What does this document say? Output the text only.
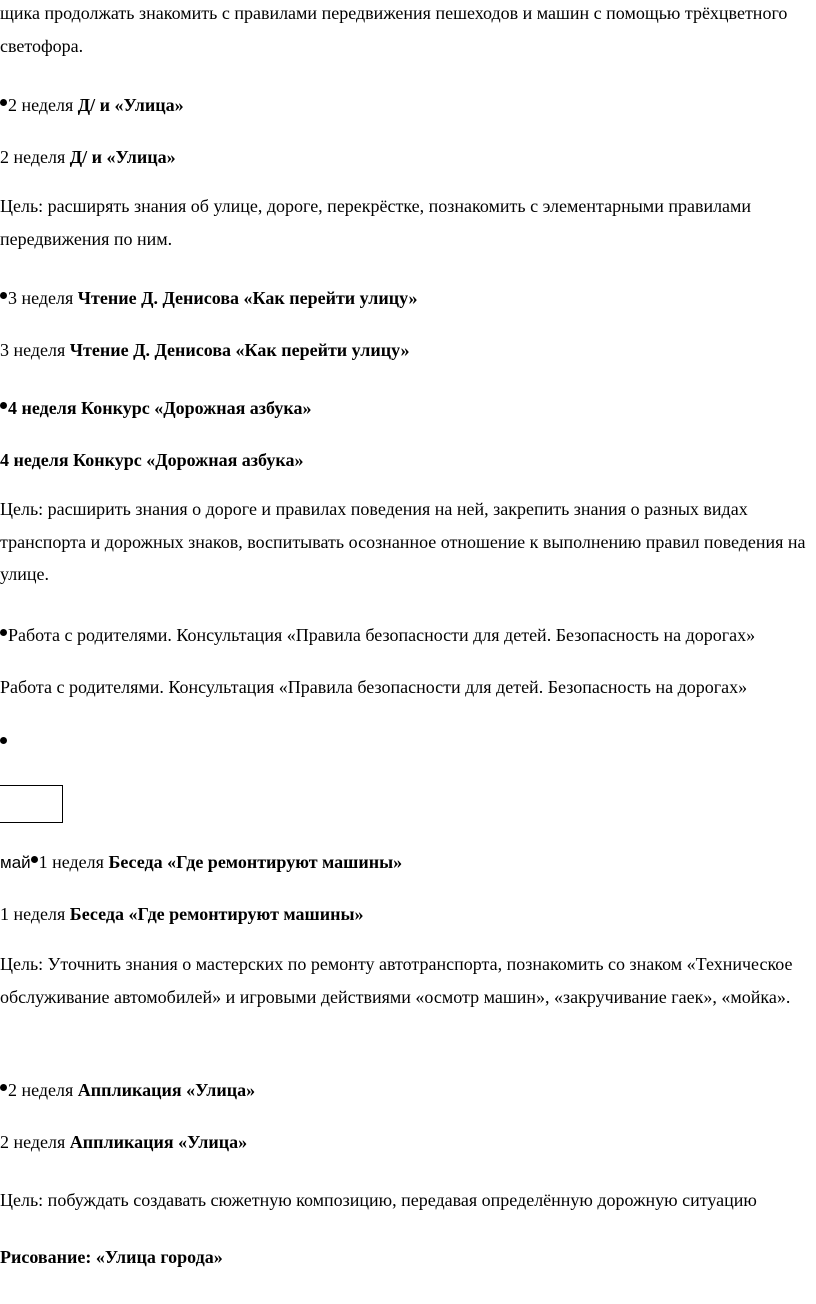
щика продолжать знакомить с правилами передвижения пешеходов и машин с помощью трёхцветного светофора.
2 неделя Д/ и «Улица»
2 неделя Д/ и «Улица»
Цель: расширять знания об улице, дороге, перекрёстке, познакомить с элементарными правилами передвижения по ним.
3 неделя Чтение Д. Денисова «Как перейти улицу»
3 неделя Чтение Д. Денисова «Как перейти улицу»
4 неделя Конкурс «Дорожная азбука»
4 неделя Конкурс «Дорожная азбука»
Цель: расширить знания о дороге и правилах поведения на ней, закрепить знания о разных видах транспорта и дорожных знаков, воспитывать осознанное отношение к выполнению правил поведения на улице.
Работа с родителями. Консультация «Правила безопасности для детей. Безопасность на дорогах»
Работа с родителями. Консультация «Правила безопасности для детей. Безопасность на дорогах»
май 1 неделя Беседа «Где ремонтируют машины»
1 неделя Беседа «Где ремонтируют машины»
Цель: Уточнить знания о мастерских по ремонту автотранспорта, познакомить со знаком «Техническое обслуживание автомобилей» и игровыми действиями «осмотр машин», «закручивание гаек», «мойка».
2 неделя Аппликация «Улица»
2 неделя Аппликация «Улица»
Цель: побуждать создавать сюжетную композицию, передавая определённую дорожную ситуацию
Рисование: «Улица города»
